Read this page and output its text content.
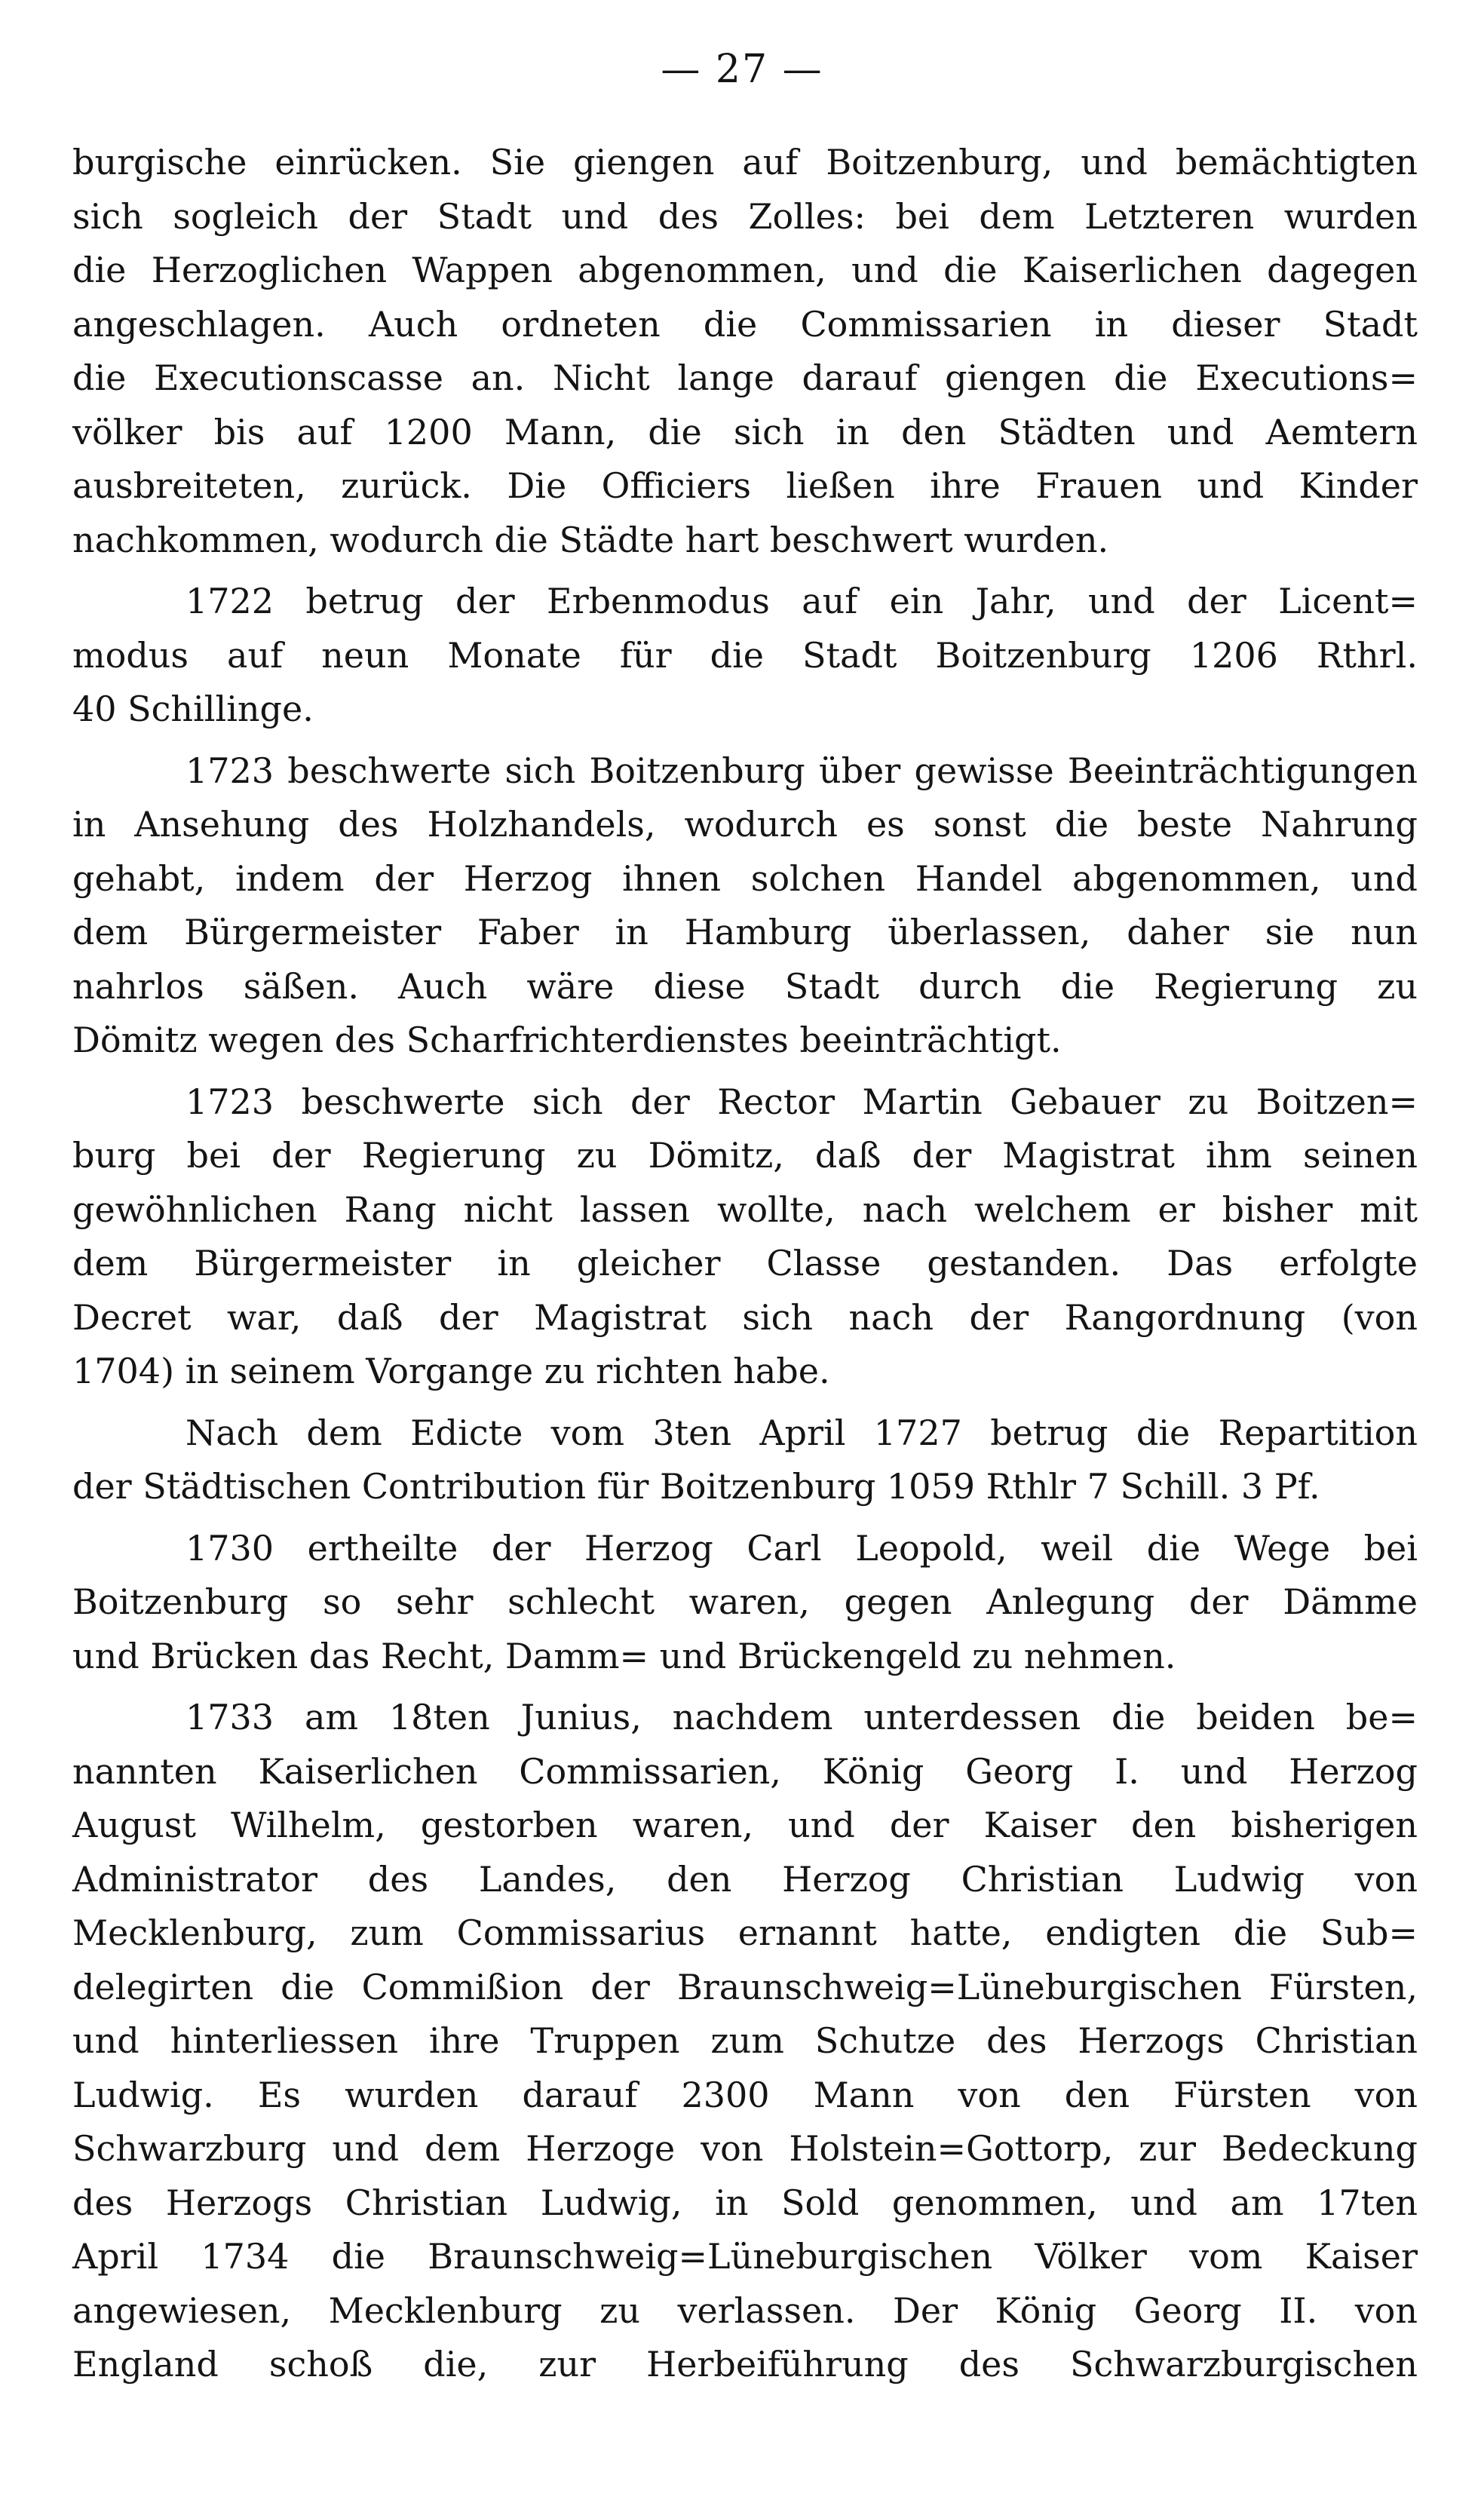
— 27 —
burgische einrücken. Sie giengen auf Boitzenburg, und bemächtigten
sich sogleich der Stadt und des Zolles: bei dem Letzteren wurden
die Herzoglichen Wappen abgenommen, und die Kaiserlichen dagegen
angeschlagen. Auch ordneten die Commissarien in dieser Stadt
die Executionscasse an. Nicht lange darauf giengen die Executions=
völker bis auf 1200 Mann, die sich in den Städten und Aemtern
ausbreiteten, zurück. Die Officiers ließen ihre Frauen und Kinder
nachkommen, wodurch die Städte hart beschwert wurden.
1722 betrug der Erbenmodus auf ein Jahr, und der Licent=
modus auf neun Monate für die Stadt Boitzenburg 1206 Rthrl.
40 Schillinge.
1723 beschwerte sich Boitzenburg über gewisse Beeinträchtigungen
in Ansehung des Holzhandels, wodurch es sonst die beste Nahrung
gehabt, indem der Herzog ihnen solchen Handel abgenommen, und
dem Bürgermeister Faber in Hamburg überlassen, daher sie nun
nahrlos säßen. Auch wäre diese Stadt durch die Regierung zu
Dömitz wegen des Scharfrichterdienstes beeinträchtigt.
1723 beschwerte sich der Rector Martin Gebauer zu Boitzen=
burg bei der Regierung zu Dömitz, daß der Magistrat ihm seinen
gewöhnlichen Rang nicht lassen wollte, nach welchem er bisher mit
dem Bürgermeister in gleicher Classe gestanden. Das erfolgte
Decret war, daß der Magistrat sich nach der Rangordnung (von
1704) in seinem Vorgange zu richten habe.
Nach dem Edicte vom 3ten April 1727 betrug die Repartition
der Städtischen Contribution für Boitzenburg 1059 Rthlr 7 Schill. 3 Pf.
1730 ertheilte der Herzog Carl Leopold, weil die Wege bei
Boitzenburg so sehr schlecht waren, gegen Anlegung der Dämme
und Brücken das Recht, Damm= und Brückengeld zu nehmen.
1733 am 18ten Junius, nachdem unterdessen die beiden be=
nannten Kaiserlichen Commissarien, König Georg I. und Herzog
August Wilhelm, gestorben waren, und der Kaiser den bisherigen
Administrator des Landes, den Herzog Christian Ludwig von
Mecklenburg, zum Commissarius ernannt hatte, endigten die Sub=
delegirten die Commißion der Braunschweig=Lüneburgischen Fürsten,
und hinterliessen ihre Truppen zum Schutze des Herzogs Christian
Ludwig. Es wurden darauf 2300 Mann von den Fürsten von
Schwarzburg und dem Herzoge von Holstein=Gottorp, zur Bedeckung
des Herzogs Christian Ludwig, in Sold genommen, und am 17ten
April 1734 die Braunschweig=Lüneburgischen Völker vom Kaiser
angewiesen, Mecklenburg zu verlassen. Der König Georg II. von
England schoß die, zur Herbeiführung des Schwarzburgischen
